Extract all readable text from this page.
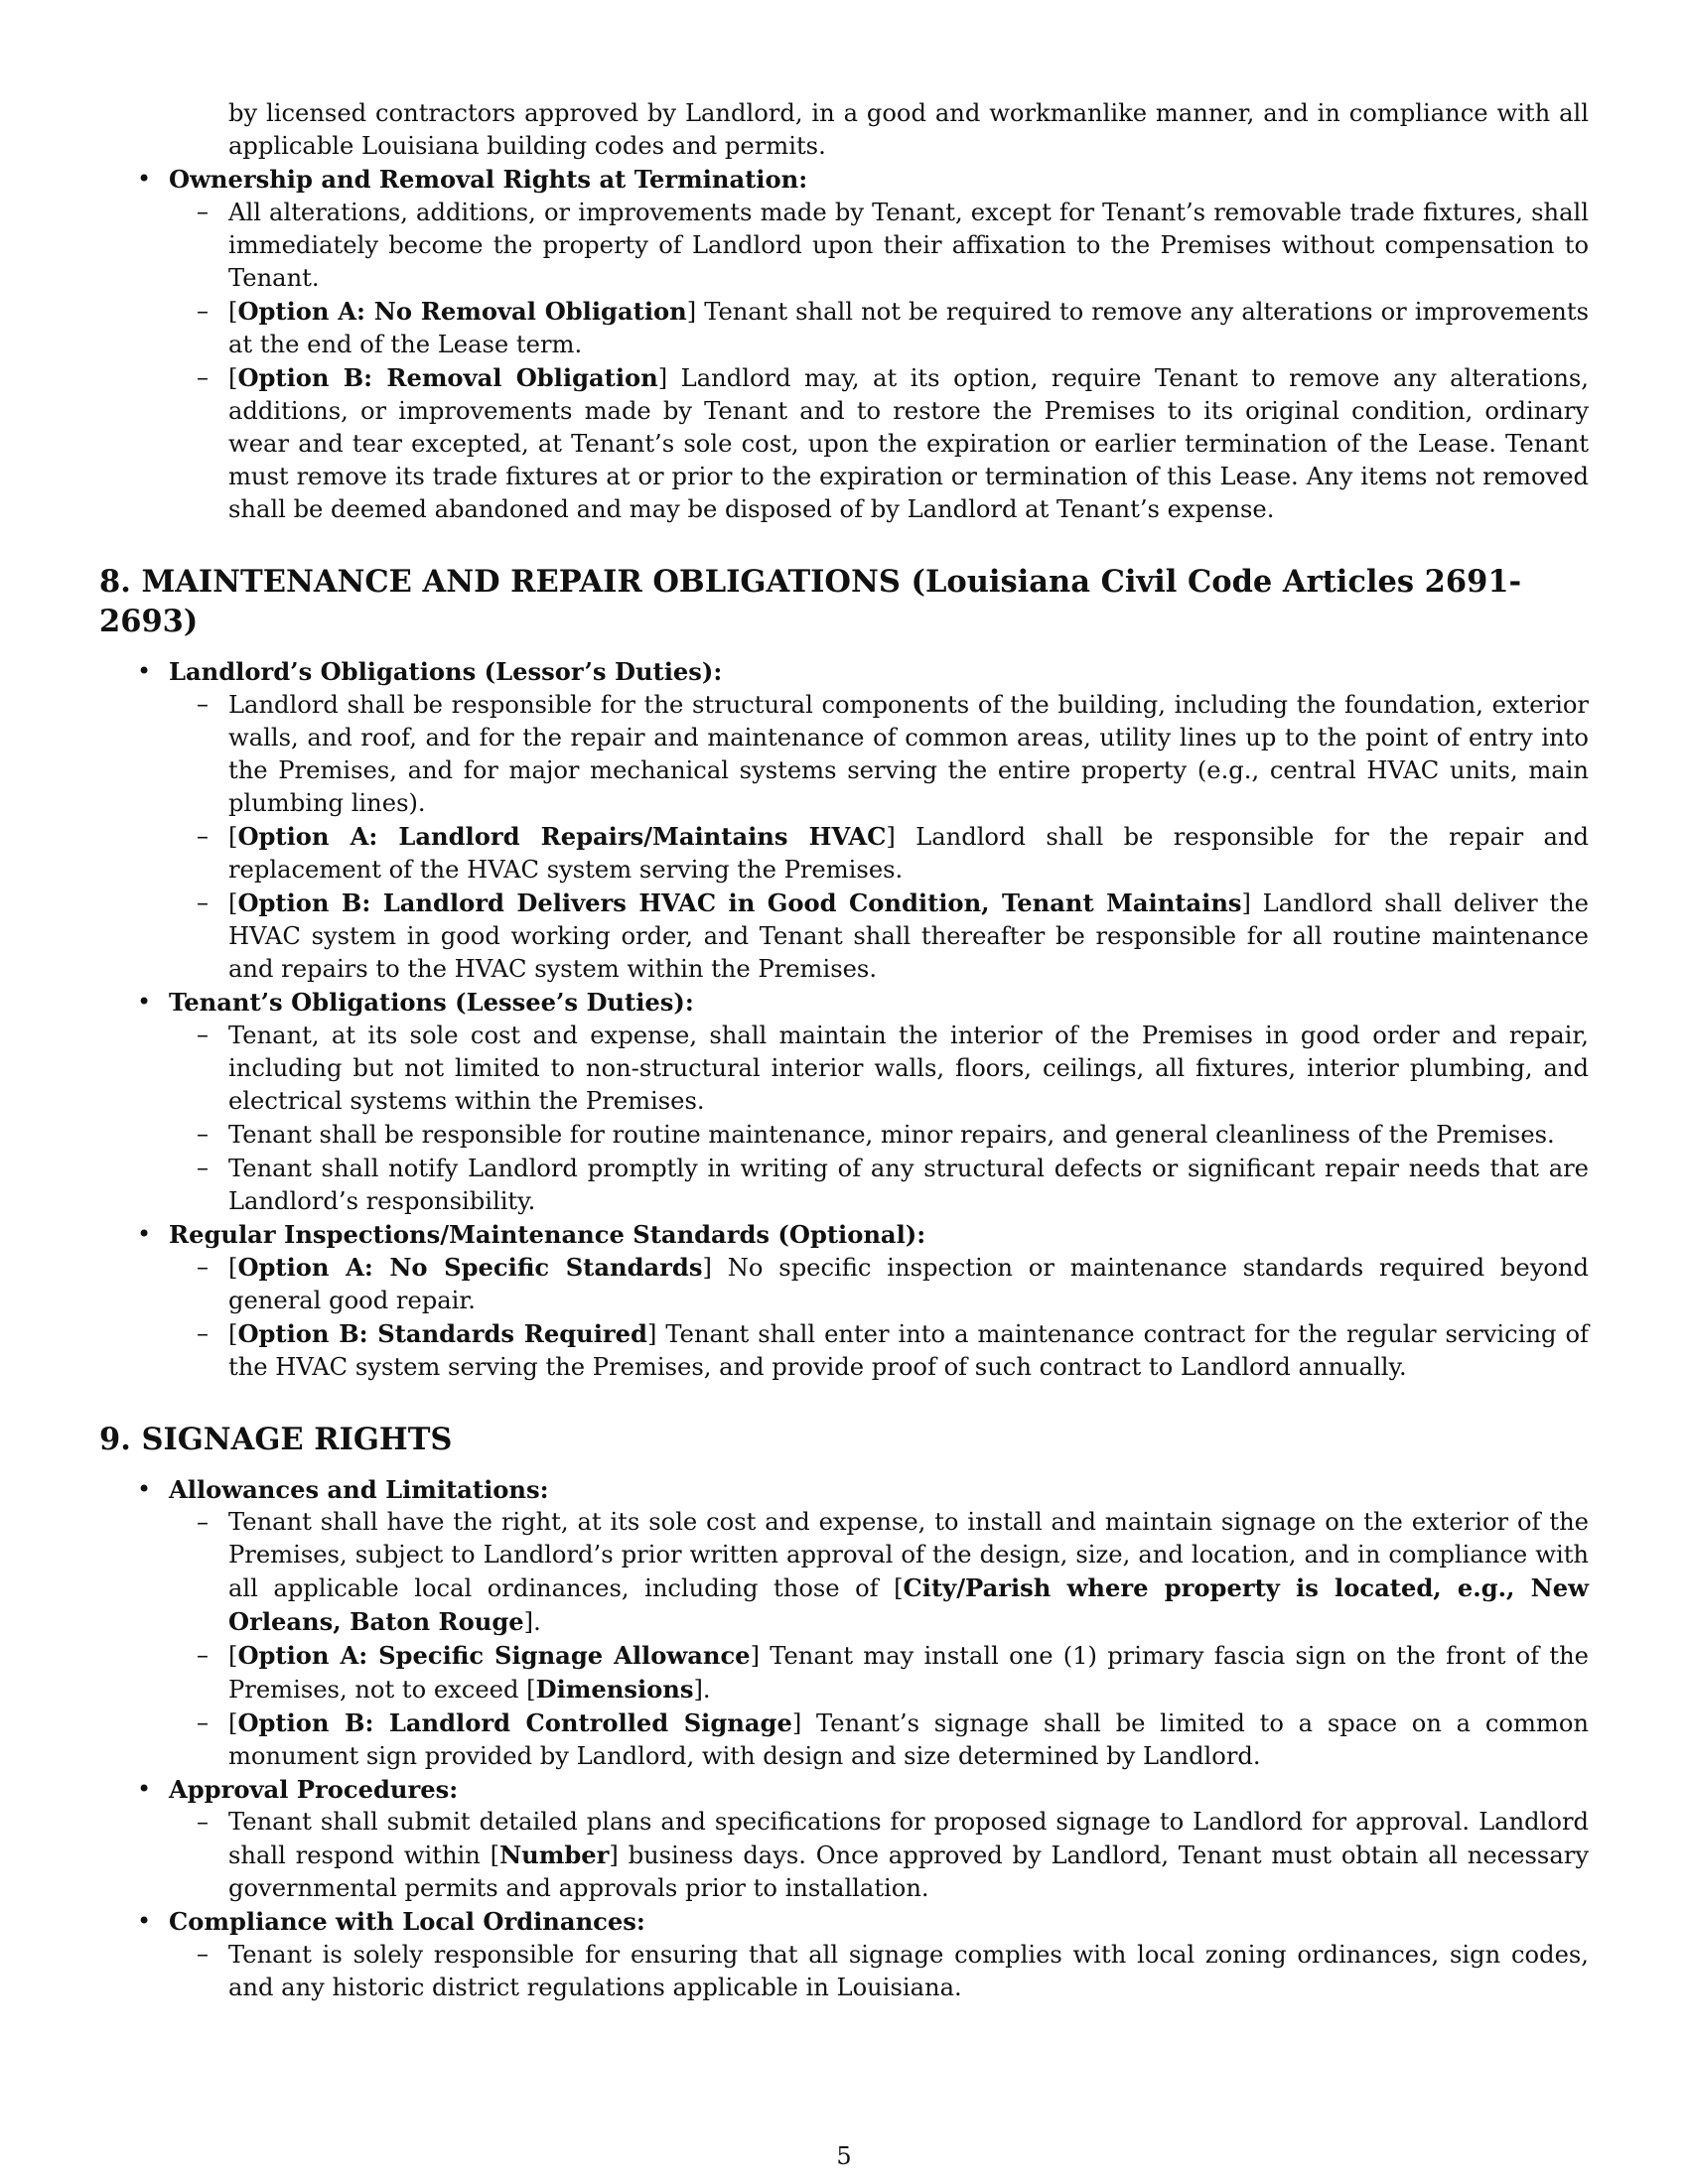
by licensed contractors approved by Landlord, in a good and workmanlike manner, and in compliance with all applicable Louisiana building codes and permits.
• Ownership and Removal Rights at Termination:
– All alterations, additions, or improvements made by Tenant, except for Tenant’s removable trade fixtures, shall immediately become the property of Landlord upon their affixation to the Premises without compensation to Tenant.
– [Option A: No Removal Obligation] Tenant shall not be required to remove any alterations or improvements at the end of the Lease term.
– [Option B: Removal Obligation] Landlord may, at its option, require Tenant to remove any alterations, additions, or improvements made by Tenant and to restore the Premises to its original condition, ordinary wear and tear excepted, at Tenant’s sole cost, upon the expiration or earlier termination of the Lease. Tenant must remove its trade fixtures at or prior to the expiration or termination of this Lease. Any items not removed shall be deemed abandoned and may be disposed of by Landlord at Tenant’s expense.
8. MAINTENANCE AND REPAIR OBLIGATIONS (Louisiana Civil Code Articles 2691-2693)
• Landlord’s Obligations (Lessor’s Duties):
– Landlord shall be responsible for the structural components of the building, including the foundation, exterior walls, and roof, and for the repair and maintenance of common areas, utility lines up to the point of entry into the Premises, and for major mechanical systems serving the entire property (e.g., central HVAC units, main plumbing lines).
– [Option A: Landlord Repairs/Maintains HVAC] Landlord shall be responsible for the repair and replacement of the HVAC system serving the Premises.
– [Option B: Landlord Delivers HVAC in Good Condition, Tenant Maintains] Landlord shall deliver the HVAC system in good working order, and Tenant shall thereafter be responsible for all routine maintenance and repairs to the HVAC system within the Premises.
• Tenant’s Obligations (Lessee’s Duties):
– Tenant, at its sole cost and expense, shall maintain the interior of the Premises in good order and repair, including but not limited to non-structural interior walls, floors, ceilings, all fixtures, interior plumbing, and electrical systems within the Premises.
– Tenant shall be responsible for routine maintenance, minor repairs, and general cleanliness of the Premises.
– Tenant shall notify Landlord promptly in writing of any structural defects or significant repair needs that are Landlord’s responsibility.
• Regular Inspections/Maintenance Standards (Optional):
– [Option A: No Specific Standards] No specific inspection or maintenance standards required beyond general good repair.
– [Option B: Standards Required] Tenant shall enter into a maintenance contract for the regular servicing of the HVAC system serving the Premises, and provide proof of such contract to Landlord annually.
9. SIGNAGE RIGHTS
• Allowances and Limitations:
– Tenant shall have the right, at its sole cost and expense, to install and maintain signage on the exterior of the Premises, subject to Landlord’s prior written approval of the design, size, and location, and in compliance with all applicable local ordinances, including those of [City/Parish where property is located, e.g., New Orleans, Baton Rouge].
– [Option A: Specific Signage Allowance] Tenant may install one (1) primary fascia sign on the front of the Premises, not to exceed [Dimensions].
– [Option B: Landlord Controlled Signage] Tenant’s signage shall be limited to a space on a common monument sign provided by Landlord, with design and size determined by Landlord.
• Approval Procedures:
– Tenant shall submit detailed plans and specifications for proposed signage to Landlord for approval. Landlord shall respond within [Number] business days. Once approved by Landlord, Tenant must obtain all necessary governmental permits and approvals prior to installation.
• Compliance with Local Ordinances:
– Tenant is solely responsible for ensuring that all signage complies with local zoning ordinances, sign codes, and any historic district regulations applicable in Louisiana.
5
